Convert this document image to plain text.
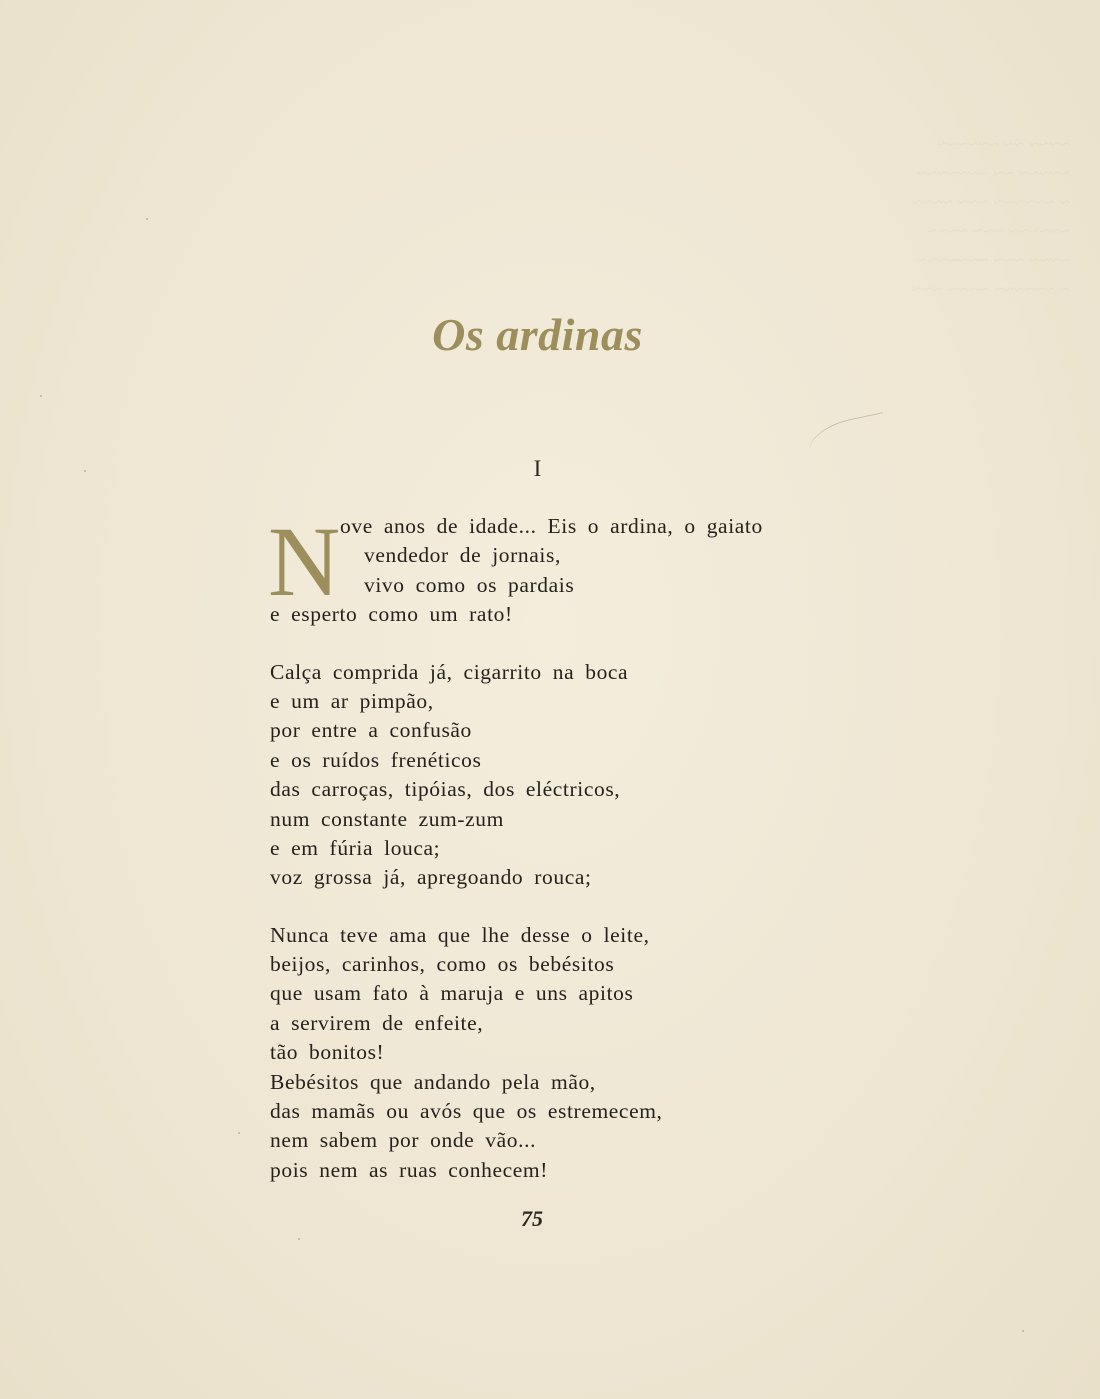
~~~~ ~~ ~~~~~~
~~~~~ ~~ ~~~~~~~
~ ~~~~~~ ~~~ ~~~~
~~~~~~ ~~~ ~~~~
~~~~ ~~~ ~~~~~~~
~ ~~~~~~ ~~~~ ~~~
Os ardinas
I
N ove anos de idade... Eis o ardina, o gaiato
vendedor de jornais,
vivo como os pardais
e esperto como um rato!
Calça comprida já, cigarrito na boca
e um ar pimpão,
por entre a confusão
e os ruídos frenéticos
das carroças, tipóias, dos eléctricos,
num constante zum-zum
e em fúria louca;
voz grossa já, apregoando rouca;
Nunca teve ama que lhe desse o leite,
beijos, carinhos, como os bebésitos
que usam fato à maruja e uns apitos
a servirem de enfeite,
tão bonitos!
Bebésitos que andando pela mão,
das mamãs ou avós que os estremecem,
nem sabem por onde vão...
pois nem as ruas conhecem!
75
